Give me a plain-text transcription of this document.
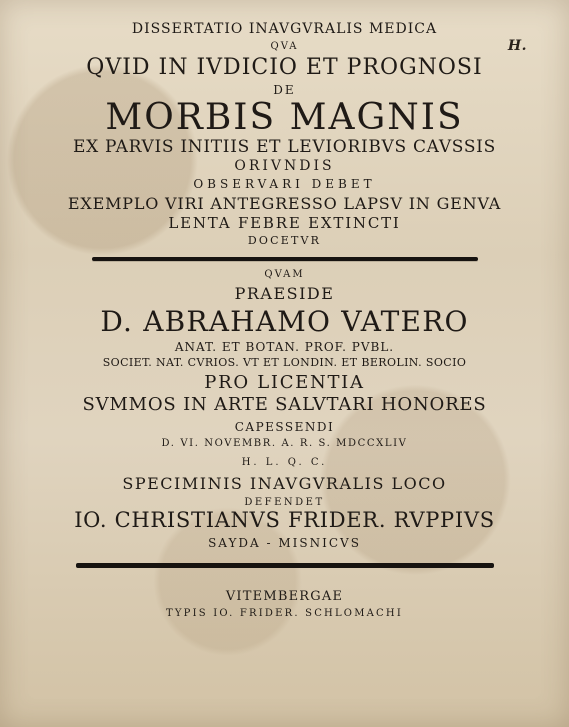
H.

DISSERTATIO INAVGVRALIS MEDICA

QVA

QVID IN IVDICIO ET PROGNOSI

DE

MORBIS MAGNIS

EX PARVIS INITIIS ET LEVIORIBVS CAVSSIS

ORIVNDIS

OBSERVARI DEBET

EXEMPLO VIRI ANTEGRESSO LAPSV IN GENVA

LENTA FEBRE EXTINCTI

DOCETVR

QVAM

PRAESIDE

D. ABRAHAMO VATERO

ANAT. ET BOTAN. PROF. PVBL.

SOCIET. NAT. CVRIOS. VT ET LONDIN. ET BEROLIN. SOCIO

PRO LICENTIA

SVMMOS IN ARTE SALVTARI HONORES

CAPESSENDI

D. VI. NOVEMBR. A. R. S. MDCCXLIV

H. L. Q. C.

SPECIMINIS INAVGVRALIS LOCO

DEFENDET

IO. CHRISTIANVS FRIDER. RVPPIVS

SAYDA - MISNICVS

VITEMBERGAE

TYPIS IO. FRIDER. SCHLOMACHI
